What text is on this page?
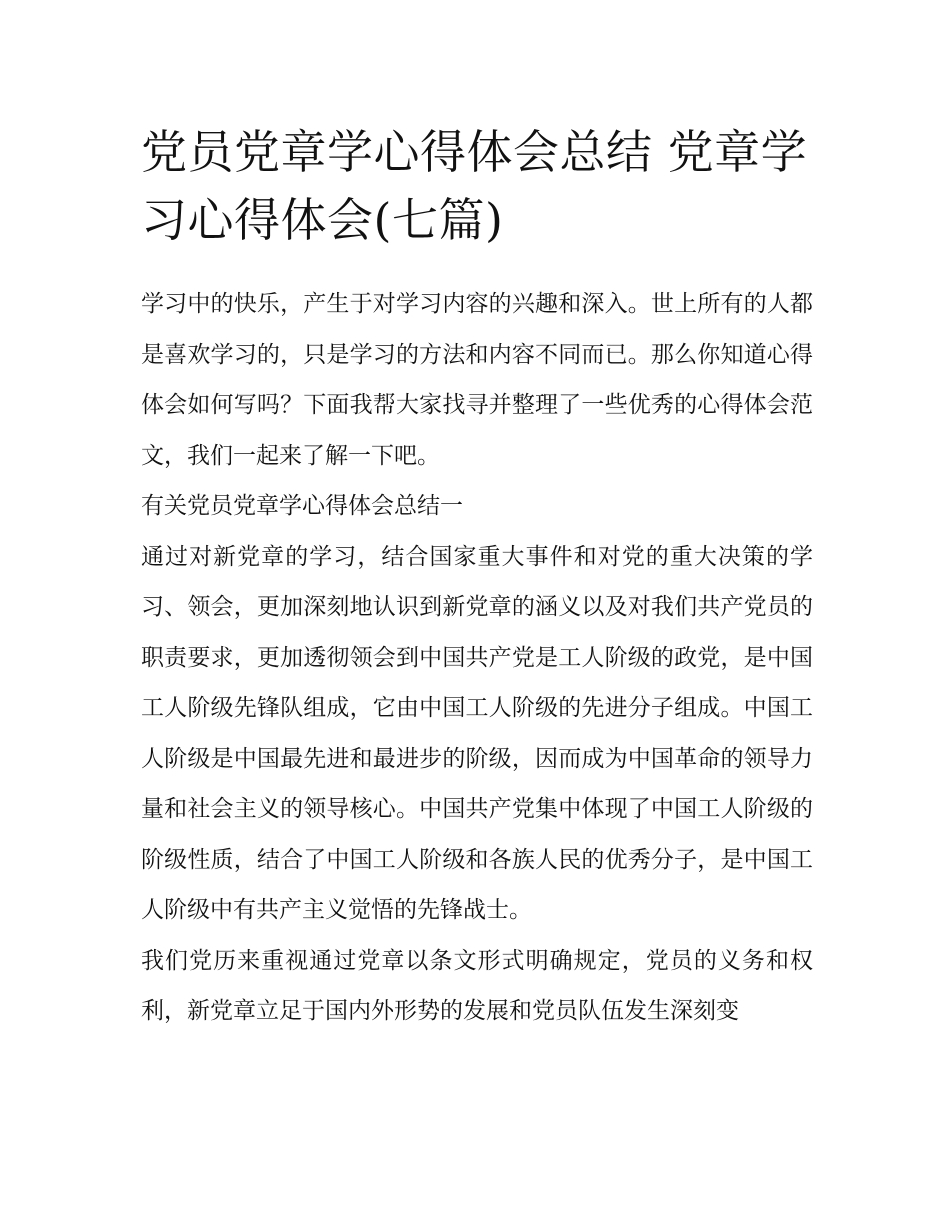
党员党章学心得体会总结 党章学习心得体会(七篇)

学习中的快乐，产生于对学习内容的兴趣和深入。世上所有的人都是喜欢学习的，只是学习的方法和内容不同而已。那么你知道心得体会如何写吗？下面我帮大家找寻并整理了一些优秀的心得体会范文，我们一起来了解一下吧。

有关党员党章学心得体会总结一

通过对新党章的学习，结合国家重大事件和对党的重大决策的学习、领会，更加深刻地认识到新党章的涵义以及对我们共产党员的职责要求，更加透彻领会到中国共产党是工人阶级的政党，是中国工人阶级先锋队组成，它由中国工人阶级的先进分子组成。中国工人阶级是中国最先进和最进步的阶级，因而成为中国革命的领导力量和社会主义的领导核心。中国共产党集中体现了中国工人阶级的阶级性质，结合了中国工人阶级和各族人民的优秀分子，是中国工人阶级中有共产主义觉悟的先锋战士。

我们党历来重视通过党章以条文形式明确规定，党员的义务和权利，新党章立足于国内外形势的发展和党员队伍发生深刻变
